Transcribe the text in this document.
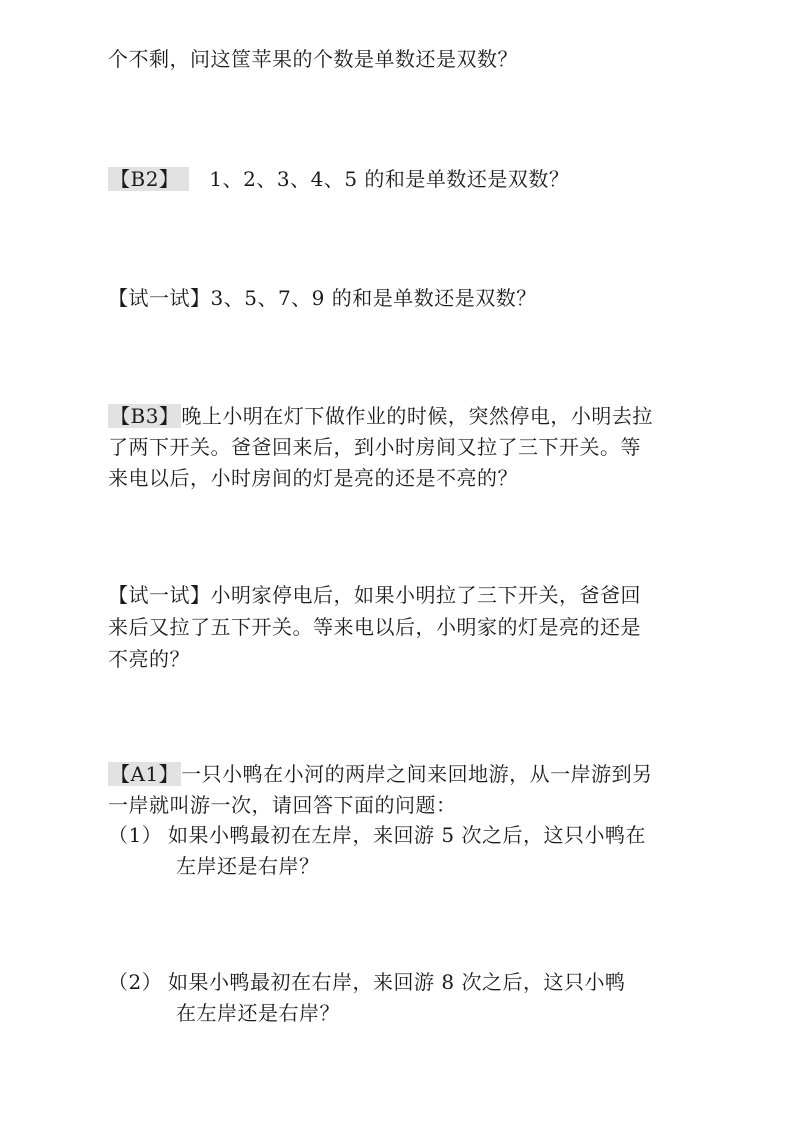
个不剩，问这筐苹果的个数是单数还是双数？
【B2】 1、2、3、4、5 的和是单数还是双数？
【试一试】3、5、7、9 的和是单数还是双数？
【B3】 晚上小明在灯下做作业的时候，突然停电，小明去拉
了两下开关。爸爸回来后，到小时房间又拉了三下开关。等
来电以后，小时房间的灯是亮的还是不亮的？
【试一试】小明家停电后，如果小明拉了三下开关，爸爸回
来后又拉了五下开关。等来电以后，小明家的灯是亮的还是
不亮的？
【A1】 一只小鸭在小河的两岸之间来回地游，从一岸游到另
一岸就叫游一次，请回答下面的问题：
（1） 如果小鸭最初在左岸，来回游 5 次之后，这只小鸭在
左岸还是右岸？
（2） 如果小鸭最初在右岸，来回游 8 次之后，这只小鸭
在左岸还是右岸？
